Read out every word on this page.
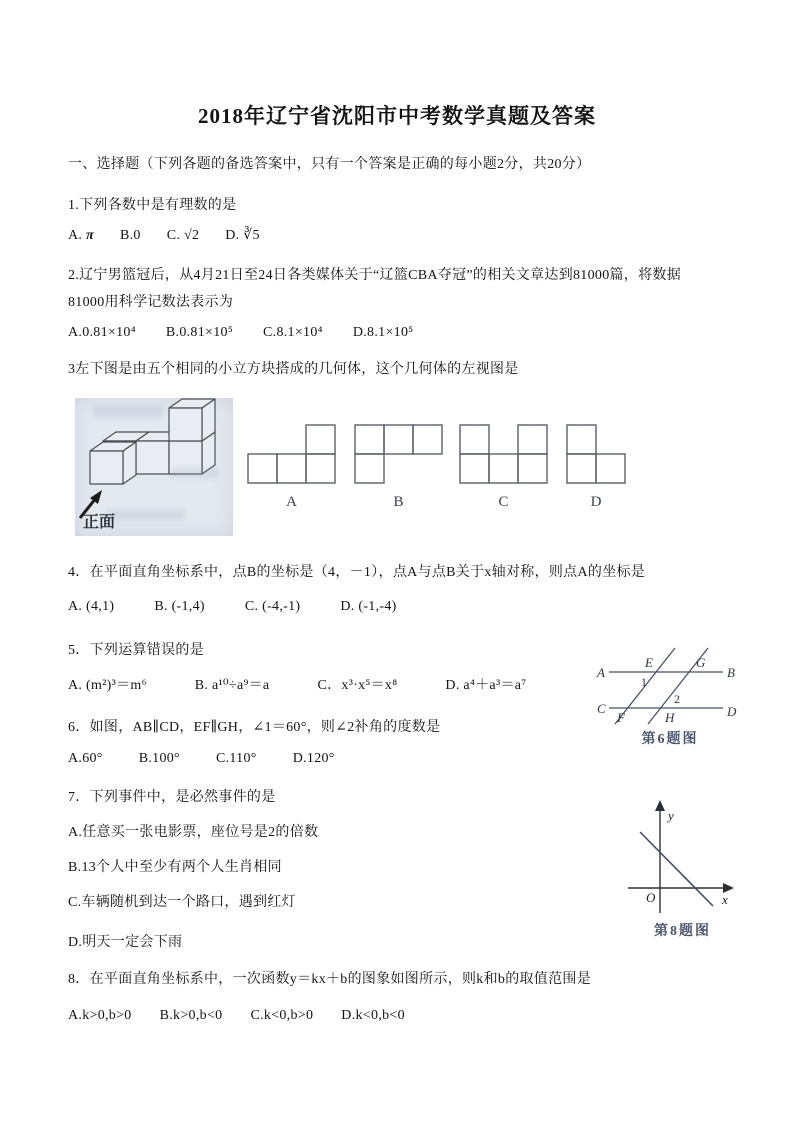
2018年辽宁省沈阳市中考数学真题及答案
一、选择题（下列各题的备选答案中，只有一个答案是正确的每小题2分，共20分）
1.下列各数中是有理数的是
A. π B.0 C. √2 D. ∛5
2.辽宁男篮冠后，从4月21日至24日各类媒体关于“辽篮CBA夺冠”的相关文章达到81000篇，将数据
81000用科学记数法表示为
A.0.81×10⁴ B.0.81×10⁵ C.8.1×10⁴ D.8.1×10⁵
3左下图是由五个相同的小立方块搭成的几何体，这个几何体的左视图是
正面
A	B	C	D
4．在平面直角坐标系中，点B的坐标是（4，－1），点A与点B关于x轴对称，则点A的坐标是
A. (4,1)	B. (-1,4)	C. (-4,-1)	D. (-1,-4)
5．下列运算错误的是
A. (m²)³＝m⁶	B. a¹⁰÷a⁹＝a	C．x³·x⁵＝x⁸	D. a⁴＋a³＝a⁷
6．如图，AB∥CD，EF∥GH，∠1＝60°，则∠2补角的度数是
A.60°	B.100°	C.110°	D.120°
A	B
C	D
E	G
F	H
1
2
第6题图
7．下列事件中，是必然事件的是
A.任意买一张电影票，座位号是2的倍数
B.13个人中至少有两个人生肖相同
C.车辆随机到达一个路口，遇到红灯
D.明天一定会下雨
O
y
x
第8题图
8．在平面直角坐标系中，一次函数y＝kx＋b的图象如图所示，则k和b的取值范围是
A.k>0,b>0 B.k>0,b<0 C.k<0,b>0 D.k<0,b<0
